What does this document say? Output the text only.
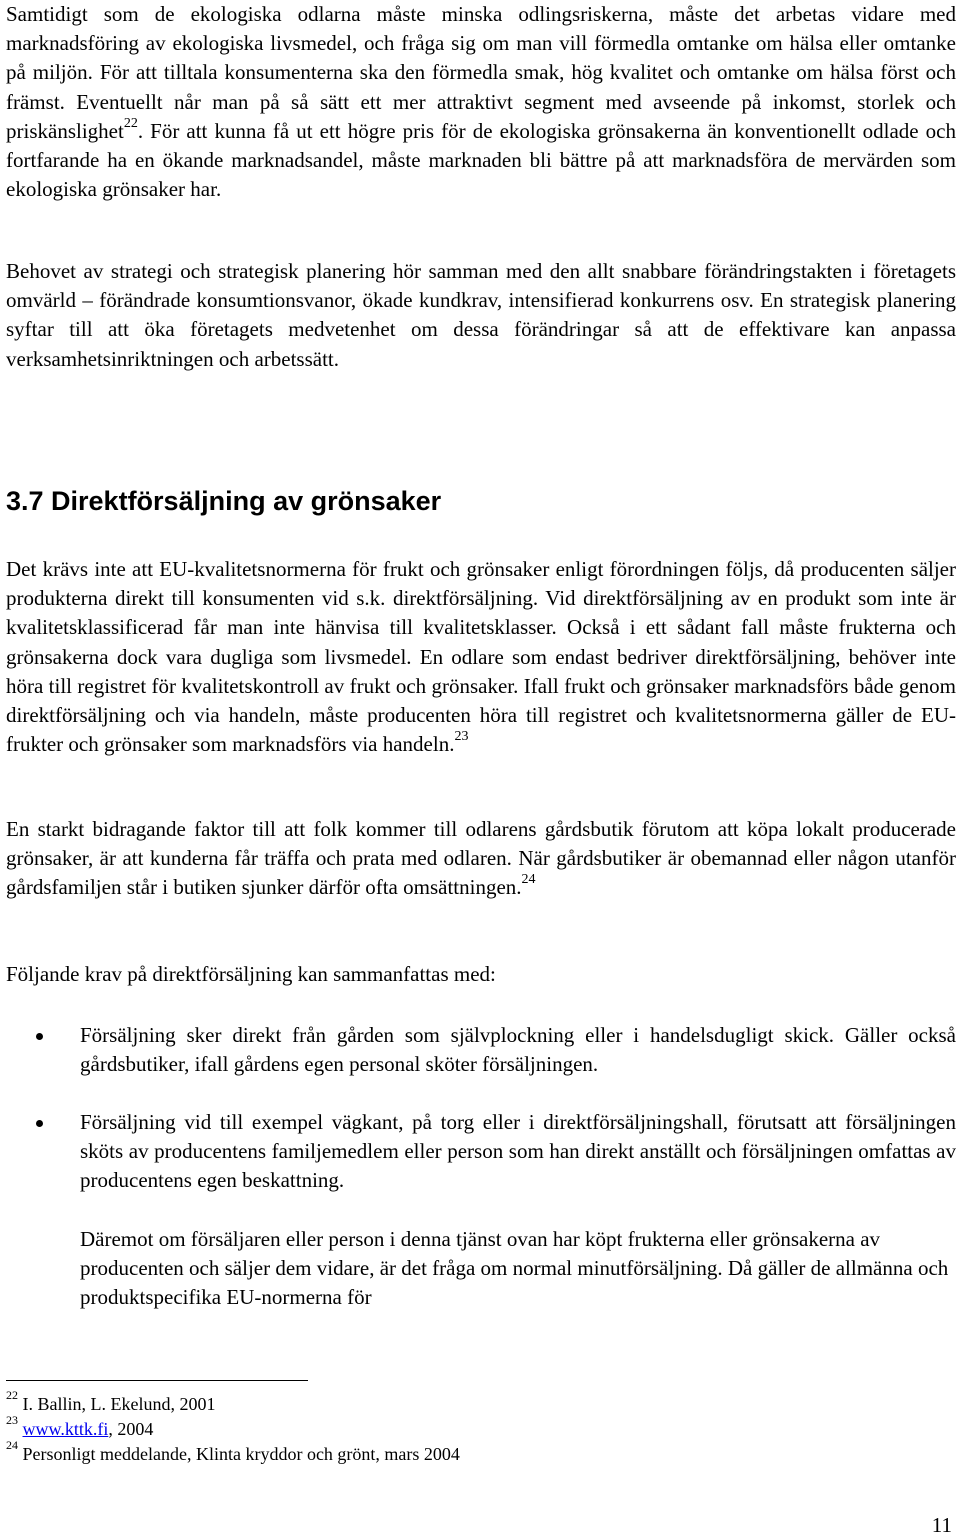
Samtidigt som de ekologiska odlarna måste minska odlingsriskerna, måste det arbetas vidare med marknadsföring av ekologiska livsmedel, och fråga sig om man vill förmedla omtanke om hälsa eller omtanke på miljön. För att tilltala konsumenterna ska den förmedla smak, hög kvalitet och omtanke om hälsa först och främst. Eventuellt når man på så sätt ett mer attraktivt segment med avseende på inkomst, storlek och priskänslighet$^{22}$. För att kunna få ut ett högre pris för de ekologiska grönsakerna än konventionellt odlade och fortfarande ha en ökande marknadsandel, måste marknaden bli bättre på att marknadsföra de mervärden som ekologiska grönsaker har.

Behovet av strategi och strategisk planering hör samman med den allt snabbare förändringstakten i företagets omvärld – förändrade konsumtionsvanor, ökade kundkrav, intensifierad konkurrens osv. En strategisk planering syftar till att öka företagets medvetenhet om dessa förändringar så att de effektivare kan anpassa verksamhetsinriktningen och arbetssätt.

3.7 Direktförsäljning av grönsaker

Det krävs inte att EU-kvalitetsnormerna för frukt och grönsaker enligt förordningen följs, då producenten säljer produkterna direkt till konsumenten vid s.k. direktförsäljning. Vid direktförsäljning av en produkt som inte är kvalitetsklassificerad får man inte hänvisa till kvalitetsklasser. Också i ett sådant fall måste frukterna och grönsakerna dock vara dugliga som livsmedel. En odlare som endast bedriver direktförsäljning, behöver inte höra till registret för kvalitetskontroll av frukt och grönsaker. Ifall frukt och grönsaker marknadsförs både genom direktförsäljning och via handeln, måste producenten höra till registret och kvalitetsnormerna gäller de EU-frukter och grönsaker som marknadsförs via handeln.$^{23}$

En starkt bidragande faktor till att folk kommer till odlarens gårdsbutik förutom att köpa lokalt producerade grönsaker, är att kunderna får träffa och prata med odlaren. När gårdsbutiker är obemannad eller någon utanför gårdsfamiljen står i butiken sjunker därför ofta omsättningen.$^{24}$

Följande krav på direktförsäljning kan sammanfattas med:

Försäljning sker direkt från gården som självplockning eller i handelsdugligt skick. Gäller också gårdsbutiker, ifall gårdens egen personal sköter försäljningen.

Försäljning vid till exempel vägkant, på torg eller i direktförsäljningshall, förutsatt att försäljningen sköts av producentens familjemedlem eller person som han direkt anställt och försäljningen omfattas av producentens egen beskattning.

Däremot om försäljaren eller person i denna tjänst ovan har köpt frukterna eller grönsakerna av producenten och säljer dem vidare, är det fråga om normal minutförsäljning. Då gäller de allmänna och produktspecifika EU-normerna för

$^{22}$ I. Ballin, L. Ekelund, 2001

$^{23}$ www.kttk.fi, 2004

$^{24}$ Personligt meddelande, Klinta kryddor och grönt, mars 2004

11
